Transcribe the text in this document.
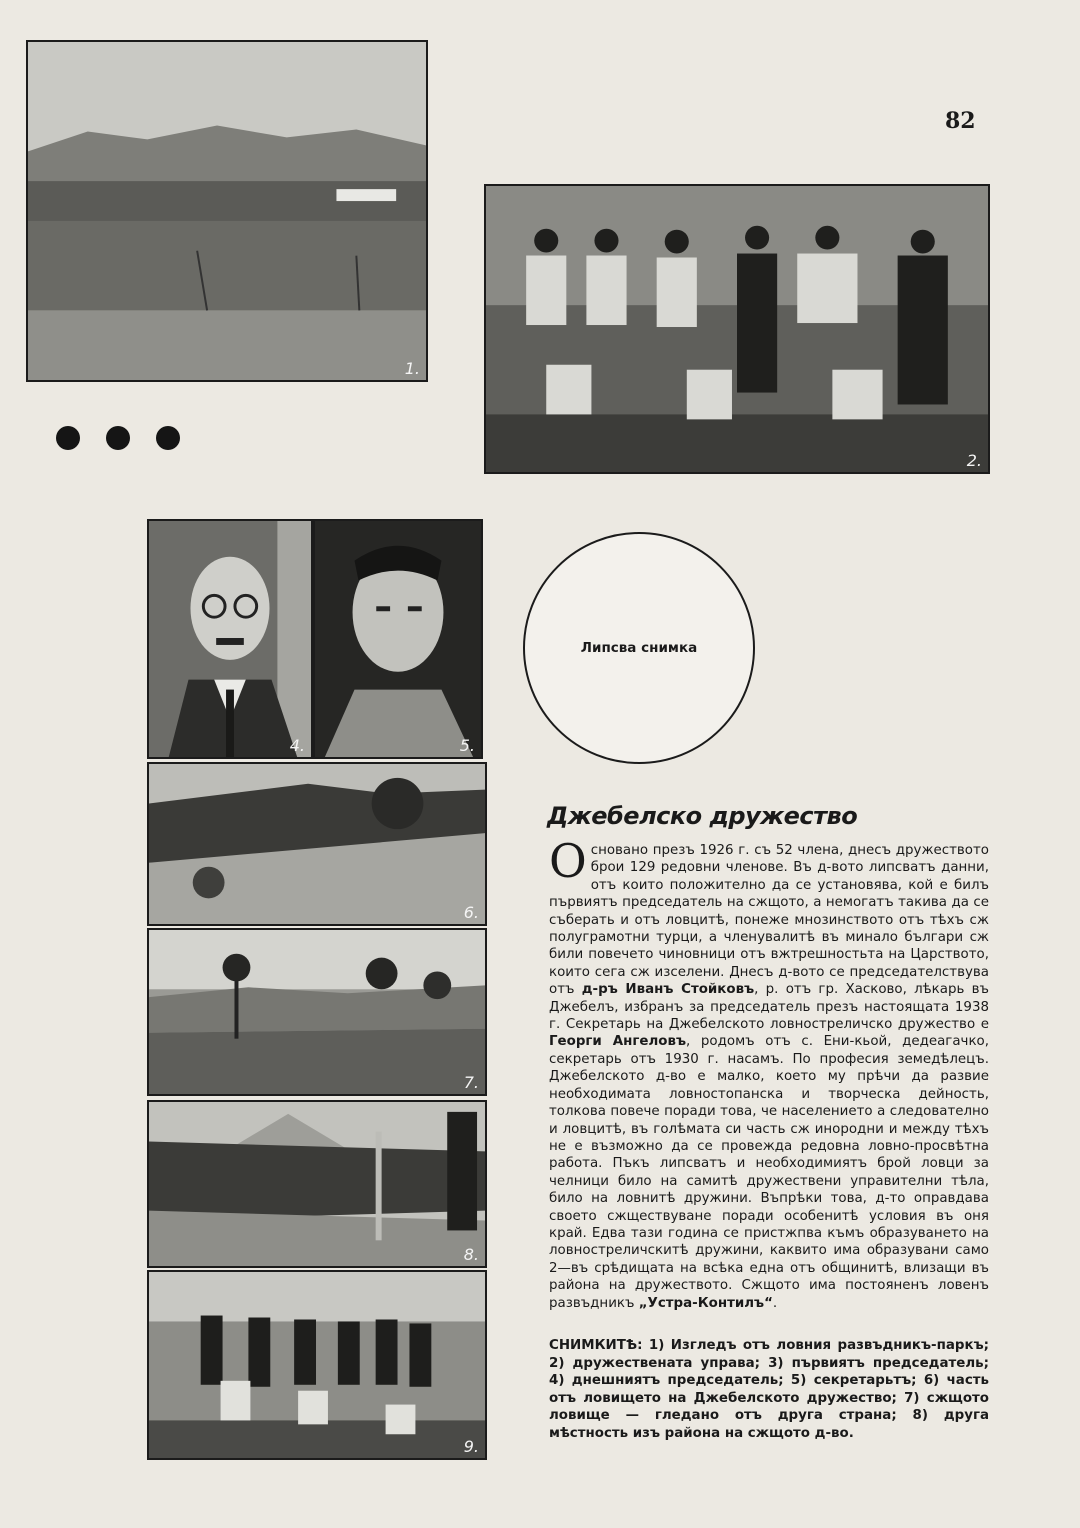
82
1.
2.
4.	5.
Липсва снимка
6.
7.
8.
9.
Джебелско дружество

Основано презъ 1926 г. съ 52 члена, днесъ дружеството брои 129 редовни членове. Въ д-вото липсватъ данни, отъ които положително да се установява, кой е билъ първиятъ председатель на сжщото, а немогатъ такива да се съберать и отъ ловцитѣ, понеже мнозинството отъ тѣхъ сж полуграмотни турци, а членувалитѣ въ минало българи сж били повечето чиновници отъ вжтрешностьта на Царството, които сега сж изселени. Днесъ д-вото се председателствува отъ д-ръ Иванъ Стойковъ, р. отъ гр. Хасково, лѣкарь въ Джебелъ, избранъ за председатель презъ настоящата 1938 г. Секретарь на Джебелското ловностреличско дружество е Георги Ангеловъ, родомъ отъ с. Ени-кьой, дедеагачко, секретарь отъ 1930 г. насамъ. По професия земедѣлецъ. Джебелското д-во е малко, което му прѣчи да развие необходимата ловностопанска и творческа дейность, толкова повече поради това, че населението а следователно и ловцитѣ, въ голѣмата си часть сж инородни и между тѣхъ не е възможно да се провежда редовна ловно-просвѣтна работа. Пъкъ липсватъ и необходимиятъ брой ловци за челници било на самитѣ дружествени управителни тѣла, било на ловнитѣ дружини. Въпрѣки това, д-то оправдава своето сжществуване поради особенитѣ условия въ оня край. Едва тази година се пристжпва къмъ образуването на ловностреличскитѣ дружини, каквито има образувани само 2—въ срѣдищата на всѣка една отъ общинитѣ, влизащи въ района на дружеството. Сжщото има постояненъ ловенъ развъдникъ „Устра-Контилъ“.

СНИМКИТѢ: 1) Изгледъ отъ ловния развъдникъ-паркъ; 2) дружествената управа; 3) първиятъ председатель; 4) днешниятъ председатель; 5) секретарьтъ; 6) часть отъ ловището на Джебелското дружество; 7) сжщото ловище — гледано отъ друга страна; 8) друга мѣстность изъ района на сжщото д-во.
